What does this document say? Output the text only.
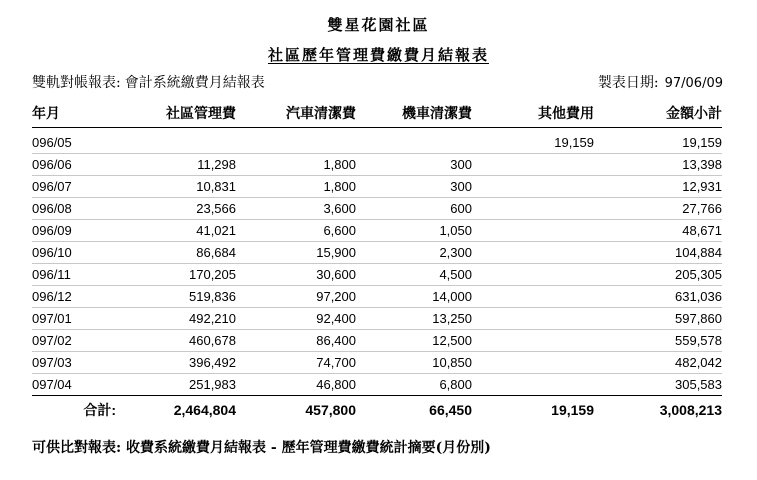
雙星花園社區
社區歷年管理費繳費月結報表
雙軌對帳報表: 會計系統繳費月結報表	製表日期: 97/06/09
年月	社區管理費	汽車清潔費	機車清潔費	其他費用	金額小計
096/05				19,159	19,159
096/06	11,298	1,800	300		13,398
096/07	10,831	1,800	300		12,931
096/08	23,566	3,600	600		27,766
096/09	41,021	6,600	1,050		48,671
096/10	86,684	15,900	2,300		104,884
096/11	170,205	30,600	4,500		205,305
096/12	519,836	97,200	14,000		631,036
097/01	492,210	92,400	13,250		597,860
097/02	460,678	86,400	12,500		559,578
097/03	396,492	74,700	10,850		482,042
097/04	251,983	46,800	6,800		305,583
合計:	2,464,804	457,800	66,450	19,159	3,008,213
可供比對報表: 收費系統繳費月結報表 - 歷年管理費繳費統計摘要(月份別)
